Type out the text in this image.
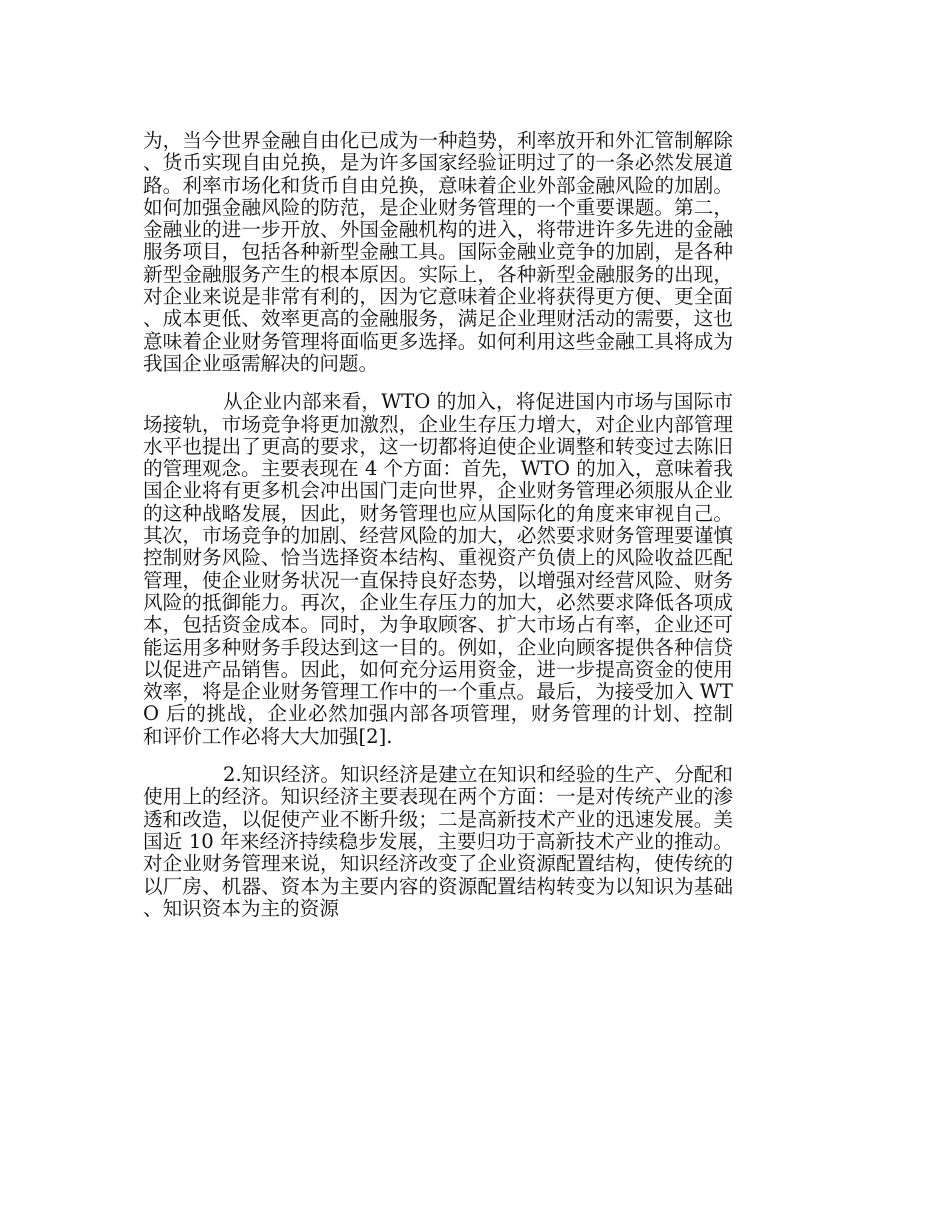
为，当今世界金融自由化已成为一种趋势，利率放开和外汇管制解除、货币实现自由兑换，是为许多国家经验证明过了的一条必然发展道路。利率市场化和货币自由兑换，意味着企业外部金融风险的加剧。如何加强金融风险的防范，是企业财务管理的一个重要课题。第二，金融业的进一步开放、外国金融机构的进入，将带进许多先进的金融服务项目，包括各种新型金融工具。国际金融业竞争的加剧，是各种新型金融服务产生的根本原因。实际上，各种新型金融服务的出现，对企业来说是非常有利的，因为它意味着企业将获得更方便、更全面、成本更低、效率更高的金融服务，满足企业理财活动的需要，这也意味着企业财务管理将面临更多选择。如何利用这些金融工具将成为我国企业亟需解决的问题。

从企业内部来看，WTO 的加入，将促进国内市场与国际市场接轨，市场竞争将更加激烈，企业生存压力增大，对企业内部管理水平也提出了更高的要求，这一切都将迫使企业调整和转变过去陈旧的管理观念。主要表现在 4 个方面：首先，WTO 的加入，意味着我国企业将有更多机会冲出国门走向世界，企业财务管理必须服从企业的这种战略发展，因此，财务管理也应从国际化的角度来审视自己。其次，市场竞争的加剧、经营风险的加大，必然要求财务管理要谨慎控制财务风险、恰当选择资本结构、重视资产负债上的风险收益匹配管理，使企业财务状况一直保持良好态势，以增强对经营风险、财务风险的抵御能力。再次，企业生存压力的加大，必然要求降低各项成本，包括资金成本。同时，为争取顾客、扩大市场占有率，企业还可能运用多种财务手段达到这一目的。例如，企业向顾客提供各种信贷以促进产品销售。因此，如何充分运用资金，进一步提高资金的使用效率，将是企业财务管理工作中的一个重点。最后，为接受加入 WTO 后的挑战，企业必然加强内部各项管理，财务管理的计划、控制和评价工作必将大大加强[2].

2.知识经济。知识经济是建立在知识和经验的生产、分配和使用上的经济。知识经济主要表现在两个方面：一是对传统产业的渗透和改造，以促使产业不断升级；二是高新技术产业的迅速发展。美国近 10 年来经济持续稳步发展，主要归功于高新技术产业的推动。对企业财务管理来说，知识经济改变了企业资源配置结构，使传统的以厂房、机器、资本为主要内容的资源配置结构转变为以知识为基础、知识资本为主的资源
